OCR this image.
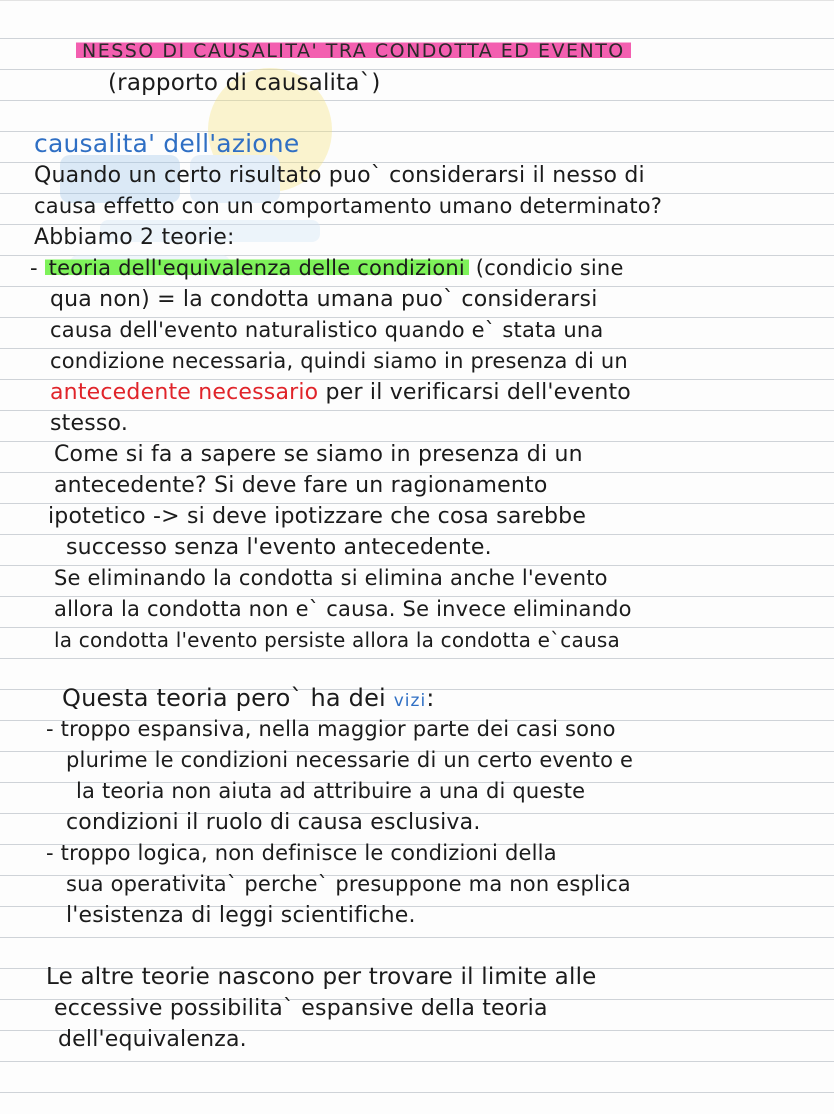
NESSO DI CAUSALITA' TRA CONDOTTA ED EVENTO
(rapporto di causalita`)
causalita' dell'azione
Quando un certo risultato puo` considerarsi il nesso di
causa effetto con un comportamento umano determinato?
Abbiamo 2 teorie:
- teoria dell'equivalenza delle condizioni (condicio sine
qua non) = la condotta umana puo` considerarsi
causa dell'evento naturalistico quando e` stata una
condizione necessaria, quindi siamo in presenza di un
antecedente necessario per il verificarsi dell'evento
stesso.
Come si fa a sapere se siamo in presenza di un
antecedente? Si deve fare un ragionamento
ipotetico -> si deve ipotizzare che cosa sarebbe
successo senza l'evento antecedente.
Se eliminando la condotta si elimina anche l'evento
allora la condotta non e` causa. Se invece eliminando
la condotta l'evento persiste allora la condotta e`causa
Questa teoria pero` ha dei vizi:
- troppo espansiva, nella maggior parte dei casi sono
plurime le condizioni necessarie di un certo evento e
la teoria non aiuta ad attribuire a una di queste
condizioni il ruolo di causa esclusiva.
- troppo logica, non definisce le condizioni della
sua operativita` perche` presuppone ma non esplica
l'esistenza di leggi scientifiche.
Le altre teorie nascono per trovare il limite alle
eccessive possibilita` espansive della teoria
dell'equivalenza.
